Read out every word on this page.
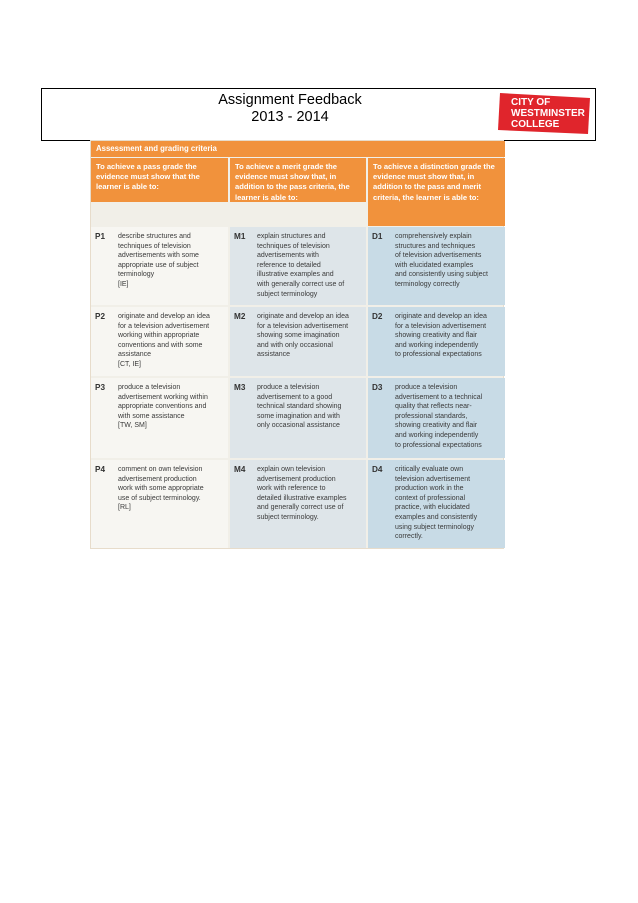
Assignment Feedback
2013 - 2014
CITY OF
WESTMINSTER
COLLEGE
Assessment and grading criteria
To achieve a pass grade the evidence must show that the learner is able to:
To achieve a merit grade the evidence must show that, in addition to the pass criteria, the learner is able to:
To achieve a distinction grade the evidence must show that, in addition to the pass and merit criteria, the learner is able to:
P1 describe structures and
techniques of television
advertisements with some
appropriate use of subject
terminology
[IE]
M1 explain structures and
techniques of television
advertisements with
reference to detailed
illustrative examples and
with generally correct use of
subject terminology
D1 comprehensively explain
structures and techniques
of television advertisements
with elucidated examples
and consistently using subject
terminology correctly
P2 originate and develop an idea
for a television advertisement
working within appropriate
conventions and with some
assistance
[CT, IE]
M2 originate and develop an idea
for a television advertisement
showing some imagination
and with only occasional
assistance
D2 originate and develop an idea
for a television advertisement
showing creativity and flair
and working independently
to professional expectations
P3 produce a television
advertisement working within
appropriate conventions and
with some assistance
[TW, SM]
M3 produce a television
advertisement to a good
technical standard showing
some imagination and with
only occasional assistance
D3 produce a television
advertisement to a technical
quality that reflects near-
professional standards,
showing creativity and flair
and working independently
to professional expectations
P4 comment on own television
advertisement production
work with some appropriate
use of subject terminology.
[RL]
M4 explain own television
advertisement production
work with reference to
detailed illustrative examples
and generally correct use of
subject terminology.
D4 critically evaluate own
television advertisement
production work in the
context of professional
practice, with elucidated
examples and consistently
using subject terminology
correctly.
